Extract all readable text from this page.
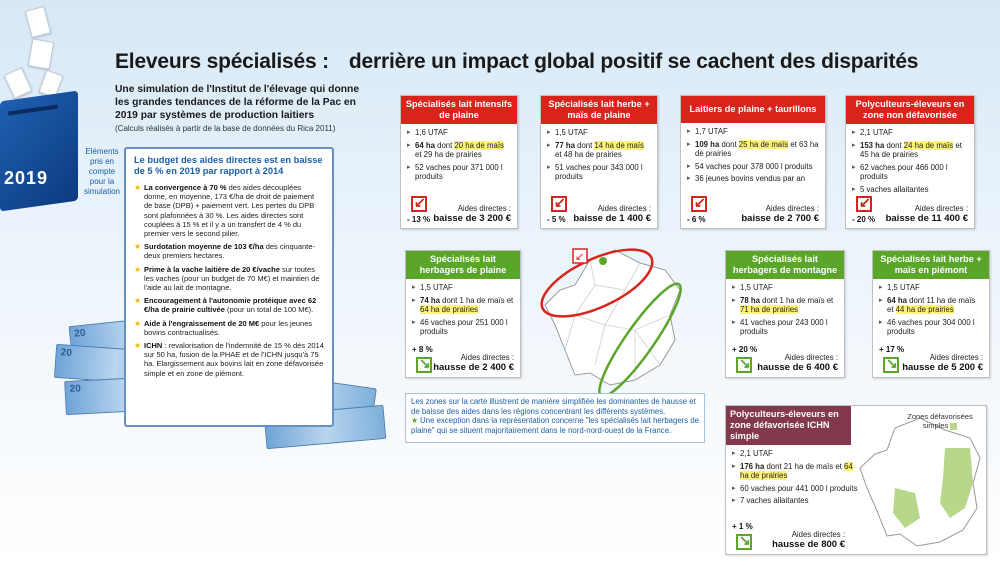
2019
Eleveurs spécialisés : derrière un impact global positif se cachent des disparités
Une simulation de l'Institut de l'élevage qui donne les grandes tendances de la réforme de la Pac en 2019 par systèmes de production laitiers
(Calculs réalisés à partir de la base de données du Rica 2011)
Eléments pris en compte pour la simulation
20
20
20
Le budget des aides directes est en baisse de 5 % en 2019 par rapport à 2014
★ La convergence à 70 % des aides découplées donne, en moyenne, 173 €/ha de droit de paiement de base (DPB) + paiement vert. Les pertes du DPB sont plafonnées à 30 %. Les aides directes sont couplées à 15 % et il y a un transfert de 4 % du premier vers le second pilier.
★ Surdotation moyenne de 103 €/ha des cinquante-deux premiers hectares.
★ Prime à la vache laitière de 20 €/vache sur toutes les vaches (pour un budget de 70 M€) et maintien de l'aide au lait de montagne.
★ Encouragement à l'autonomie protéique avec 62 €/ha de prairie cultivée (pour un total de 100 M€).
★ Aide à l'engraissement de 20 M€ pour les jeunes bovins contractualisés.
★ ICHN : revalorisation de l'indemnité de 15 % dès 2014 sur 50 ha, fusion de la PHAE et de l'ICHN jusqu'à 75 ha. Elargissement aux bovins lait en zone défavorisée simple et en zone de piémont.
Spécialisés lait intensifs de plaine
▸ 1,6 UTAF
▸ 64 ha dont 20 ha de maïs et 29 ha de prairies
▸ 52 vaches pour 371 000 l produits
↙
- 13 %
Aides directes :
baisse de 3 200 €
Spécialisés lait herbe + maïs de plaine
▸ 1,5 UTAF
▸ 77 ha dont 14 ha de maïs et 48 ha de prairies
▸ 51 vaches pour 343 000 l produits
↙
- 5 %
Aides directes :
baisse de 1 400 €
Laitiers de plaine + taurillons
▸ 1,7 UTAF
▸ 109 ha dont 25 ha de maïs et 63 ha de prairies
▸ 54 vaches pour 378 000 l produits
▸ 36 jeunes bovins vendus par an
↙
- 6 %
Aides directes :
baisse de 2 700 €
Polyculteurs-éleveurs en zone non défavorisée
▸ 2,1 UTAF
▸ 153 ha dont 24 ha de maïs et 45 ha de prairies
▸ 62 vaches pour 466 000 l produits
▸ 5 vaches allaitantes
↙
- 20 %
Aides directes :
baisse de 11 400 €
Spécialisés lait herbagers de plaine
▸ 1,5 UTAF
▸ 74 ha dont 1 ha de maïs et 64 ha de prairies
▸ 46 vaches pour 251 000 l produits
+ 8 %
↘
Aides directes :
hausse de 2 400 €
Spécialisés lait herbagers de montagne
▸ 1,5 UTAF
▸ 78 ha dont 1 ha de maïs et 71 ha de prairies
▸ 41 vaches pour 243 000 l produits
+ 20 %
↘
Aides directes :
hausse de 6 400 €
Spécialisés lait herbe + maïs en piémont
▸ 1,5 UTAF
▸ 64 ha dont 11 ha de maïs et 44 ha de prairies
▸ 46 vaches pour 304 000 l produits
+ 17 %
↘
Aides directes :
hausse de 5 200 €
↙
Les zones sur la carte illustrent de manière simplifiée les dominantes de hausse et de baisse des aides dans les régions concentrant les différents systèmes.
★ Une exception dans la représentation concerne "les spécialisés lait herbagers de plaine" qui se situent majoritairement dans le nord-nord-ouest de la France.
Polyculteurs-éleveurs en zone défavorisée ICHN simple
▸ 2,1 UTAF
▸ 176 ha dont 21 ha de maïs et 64 ha de prairies
▸ 60 vaches pour 441 000 l produits
▸ 7 vaches allaitantes
+ 1 %
↘
Aides directes :
hausse de 800 €
Zones défavorisées simples
